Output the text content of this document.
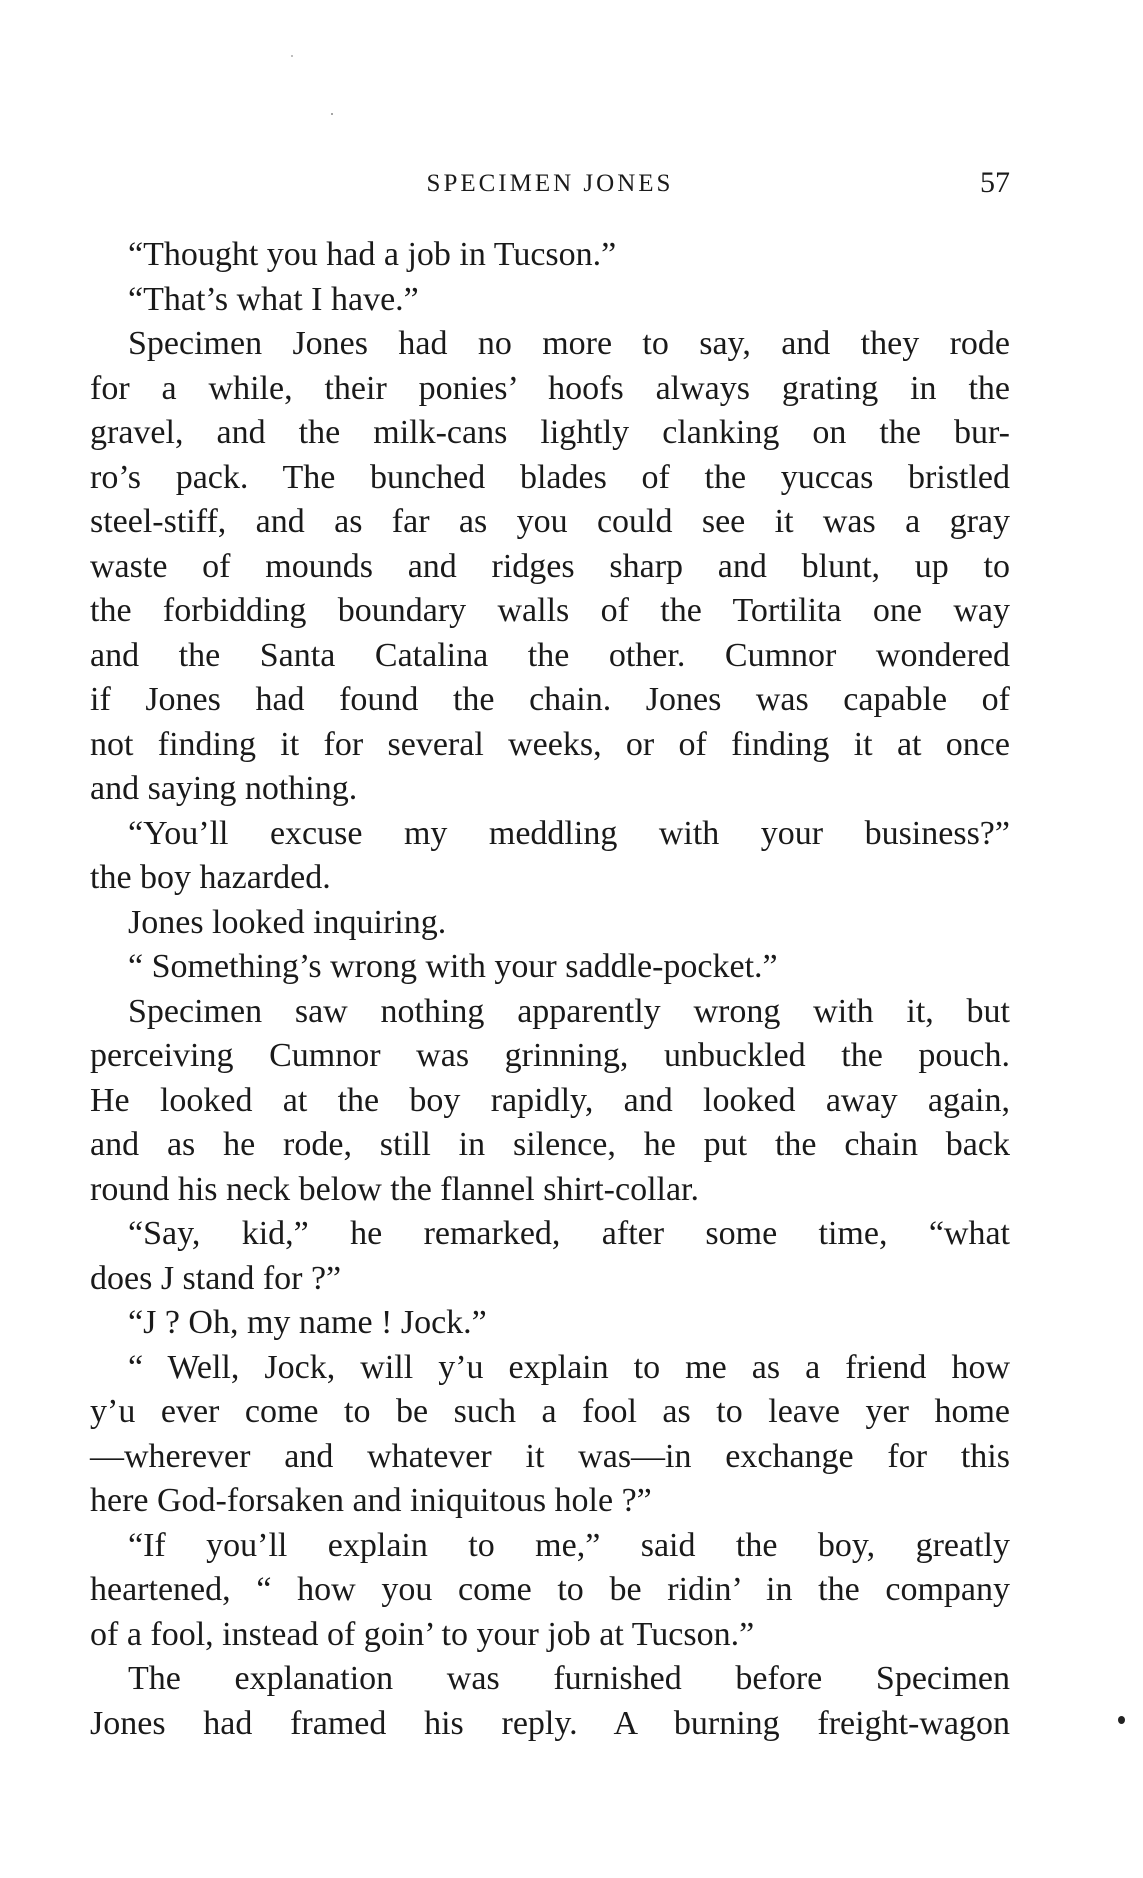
SPECIMEN JONES	57
“Thought you had a job in Tucson.”
“That’s what I have.”
Specimen Jones had no more to say, and they rode
for a while, their ponies’ hoofs always grating in the
gravel, and the milk-cans lightly clanking on the bur-
ro’s pack. The bunched blades of the yuccas bristled
steel-stiff, and as far as you could see it was a gray
waste of mounds and ridges sharp and blunt, up to
the forbidding boundary walls of the Tortilita one way
and the Santa Catalina the other. Cumnor wondered
if Jones had found the chain. Jones was capable of
not finding it for several weeks, or of finding it at once
and saying nothing.
“You’ll excuse my meddling with your business?”
the boy hazarded.
Jones looked inquiring.
“ Something’s wrong with your saddle-pocket.”
Specimen saw nothing apparently wrong with it, but
perceiving Cumnor was grinning, unbuckled the pouch.
He looked at the boy rapidly, and looked away again,
and as he rode, still in silence, he put the chain back
round his neck below the flannel shirt-collar.
“Say, kid,” he remarked, after some time, “what
does J stand for ?”
“J ? Oh, my name ! Jock.”
“ Well, Jock, will y’u explain to me as a friend how
y’u ever come to be such a fool as to leave yer home
—wherever and whatever it was—in exchange for this
here God-forsaken and iniquitous hole ?”
“If you’ll explain to me,” said the boy, greatly
heartened, “ how you come to be ridin’ in the company
of a fool, instead of goin’ to your job at Tucson.”
The explanation was furnished before Specimen
Jones had framed his reply. A burning freight-wagon
